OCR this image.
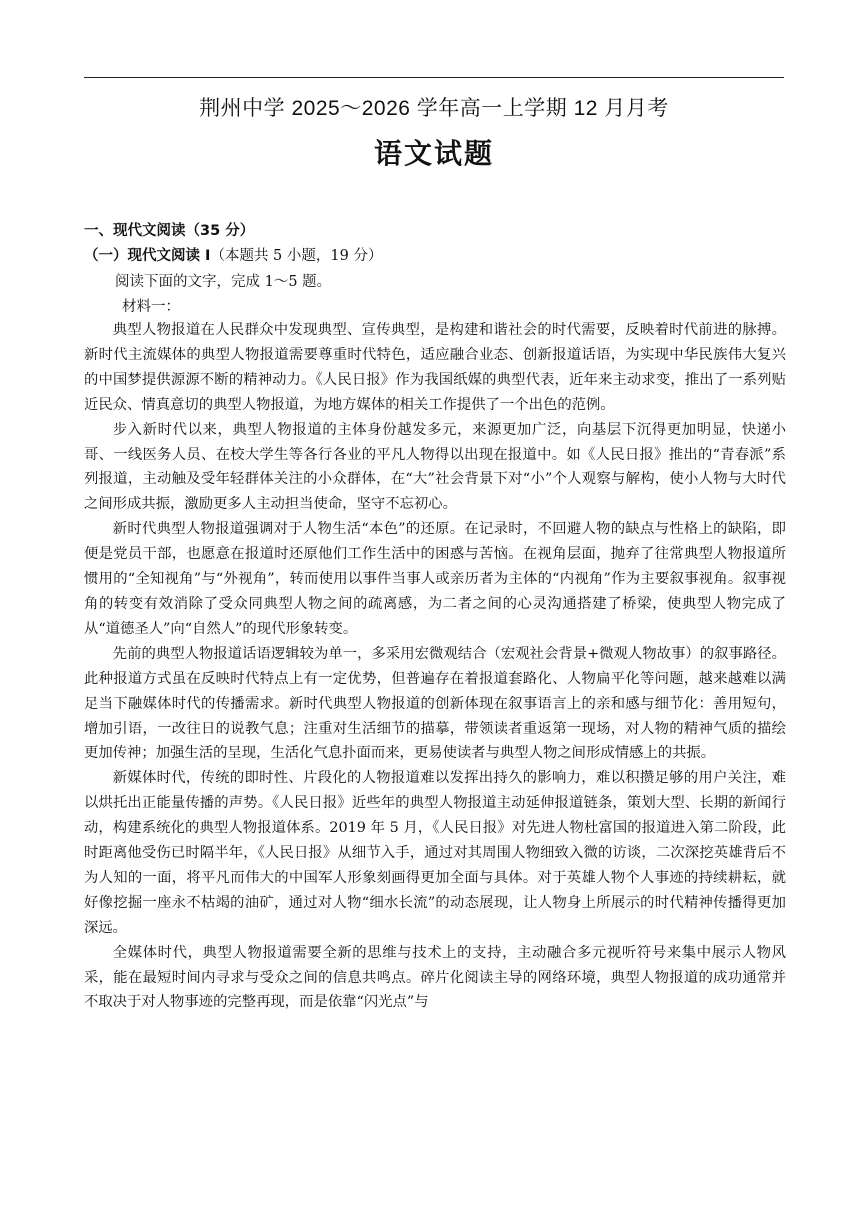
荆州中学 2025～2026 学年高一上学期 12 月月考
语文试题
一、现代文阅读（35 分）
（一）现代文阅读 I（本题共 5 小题，19 分）
阅读下面的文字，完成 1～5 题。
材料一：

典型人物报道在人民群众中发现典型、宣传典型，是构建和谐社会的时代需要，反映着时代前进的脉搏。新时代主流媒体的典型人物报道需要尊重时代特色，适应融合业态、创新报道话语，为实现中华民族伟大复兴的中国梦提供源源不断的精神动力。《人民日报》作为我国纸媒的典型代表，近年来主动求变，推出了一系列贴近民众、情真意切的典型人物报道，为地方媒体的相关工作提供了一个出色的范例。

步入新时代以来，典型人物报道的主体身份越发多元，来源更加广泛，向基层下沉得更加明显，快递小哥、一线医务人员、在校大学生等各行各业的平凡人物得以出现在报道中。如《人民日报》推出的“青春派”系列报道，主动触及受年轻群体关注的小众群体，在“大”社会背景下对“小”个人观察与解构，使小人物与大时代之间形成共振，激励更多人主动担当使命，坚守不忘初心。

新时代典型人物报道强调对于人物生活“本色”的还原。在记录时，不回避人物的缺点与性格上的缺陷，即便是党员干部，也愿意在报道时还原他们工作生活中的困惑与苦恼。在视角层面，抛弃了往常典型人物报道所惯用的“全知视角”与“外视角”，转而使用以事件当事人或亲历者为主体的“内视角”作为主要叙事视角。叙事视角的转变有效消除了受众同典型人物之间的疏离感，为二者之间的心灵沟通搭建了桥梁，使典型人物完成了从“道德圣人”向“自然人”的现代形象转变。

先前的典型人物报道话语逻辑较为单一，多采用宏微观结合（宏观社会背景+微观人物故事）的叙事路径。此种报道方式虽在反映时代特点上有一定优势，但普遍存在着报道套路化、人物扁平化等问题，越来越难以满足当下融媒体时代的传播需求。新时代典型人物报道的创新体现在叙事语言上的亲和感与细节化：善用短句，增加引语，一改往日的说教气息；注重对生活细节的描摹，带领读者重返第一现场，对人物的精神气质的描绘更加传神；加强生活的呈现，生活化气息扑面而来，更易使读者与典型人物之间形成情感上的共振。

新媒体时代，传统的即时性、片段化的人物报道难以发挥出持久的影响力，难以积攒足够的用户关注，难以烘托出正能量传播的声势。《人民日报》近些年的典型人物报道主动延伸报道链条，策划大型、长期的新闻行动，构建系统化的典型人物报道体系。2019 年 5 月，《人民日报》对先进人物杜富国的报道进入第二阶段，此时距离他受伤已时隔半年，《人民日报》从细节入手，通过对其周围人物细致入微的访谈，二次深挖英雄背后不为人知的一面，将平凡而伟大的中国军人形象刻画得更加全面与具体。对于英雄人物个人事迹的持续耕耘，就好像挖掘一座永不枯竭的油矿，通过对人物“细水长流”的动态展现，让人物身上所展示的时代精神传播得更加深远。

全媒体时代，典型人物报道需要全新的思维与技术上的支持，主动融合多元视听符号来集中展示人物风采，能在最短时间内寻求与受众之间的信息共鸣点。碎片化阅读主导的网络环境，典型人物报道的成功通常并不取决于对人物事迹的完整再现，而是依靠“闪光点”与
